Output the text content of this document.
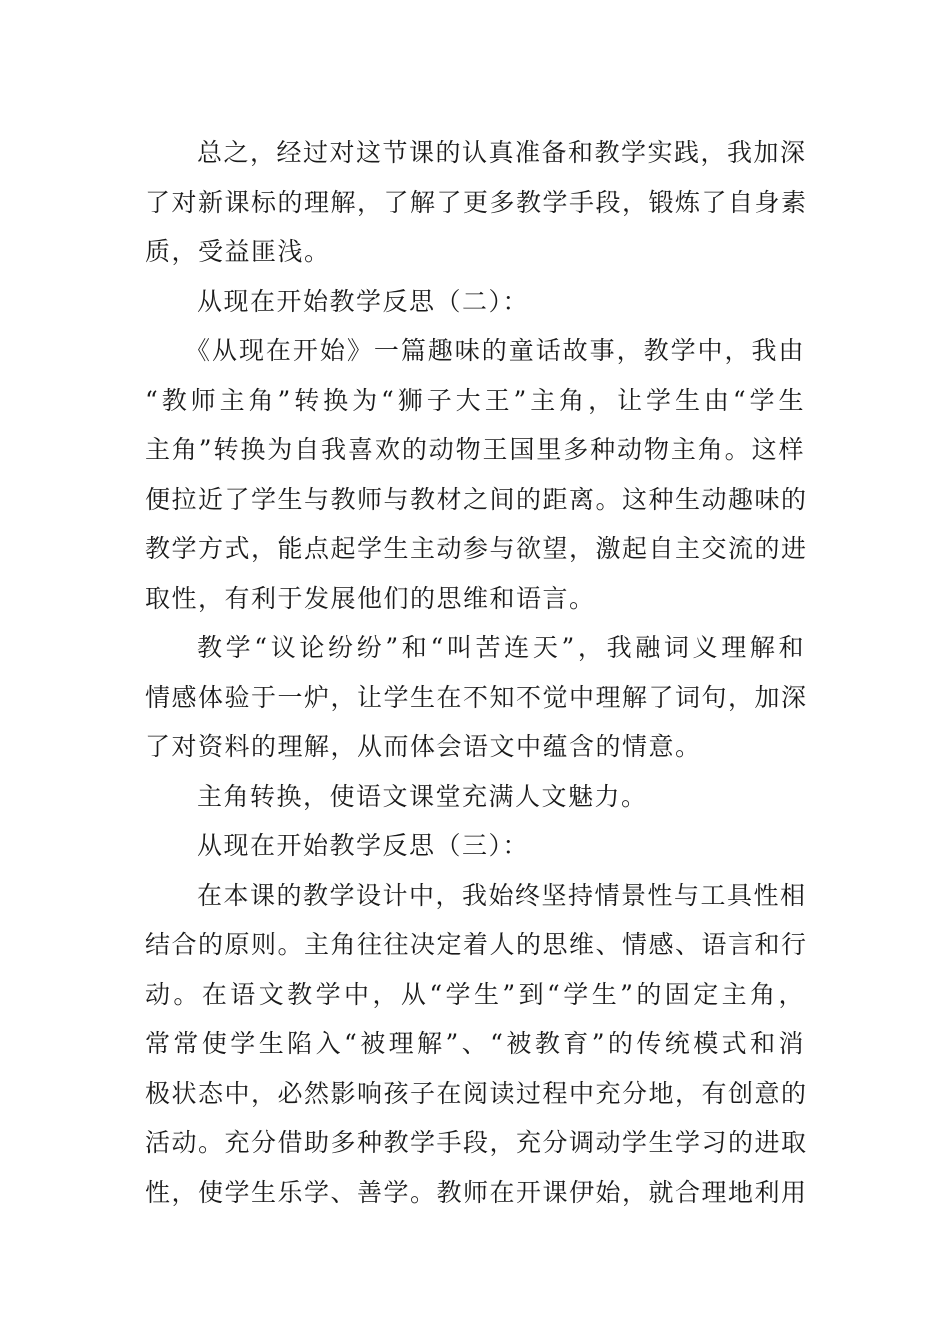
总之，经过对这节课的认真准备和教学实践，我加深
了对新课标的理解，了解了更多教学手段，锻炼了自身素
质，受益匪浅。
从现在开始教学反思（二）：
《从现在开始》一篇趣味的童话故事，教学中，我由
“教师主角”转换为“狮子大王”主角，让学生由“学生
主角”转换为自我喜欢的动物王国里多种动物主角。这样
便拉近了学生与教师与教材之间的距离。这种生动趣味的
教学方式，能点起学生主动参与欲望，激起自主交流的进
取性，有利于发展他们的思维和语言。
教学“议论纷纷”和“叫苦连天”，我融词义理解和
情感体验于一炉，让学生在不知不觉中理解了词句，加深
了对资料的理解，从而体会语文中蕴含的情意。
主角转换，使语文课堂充满人文魅力。
从现在开始教学反思（三）：
在本课的教学设计中，我始终坚持情景性与工具性相
结合的原则。主角往往决定着人的思维、情感、语言和行
动。在语文教学中，从“学生”到“学生”的固定主角，
常常使学生陷入“被理解”、“被教育”的传统模式和消
极状态中，必然影响孩子在阅读过程中充分地，有创意的
活动。充分借助多种教学手段，充分调动学生学习的进取
性，使学生乐学、善学。教师在开课伊始，就合理地利用
